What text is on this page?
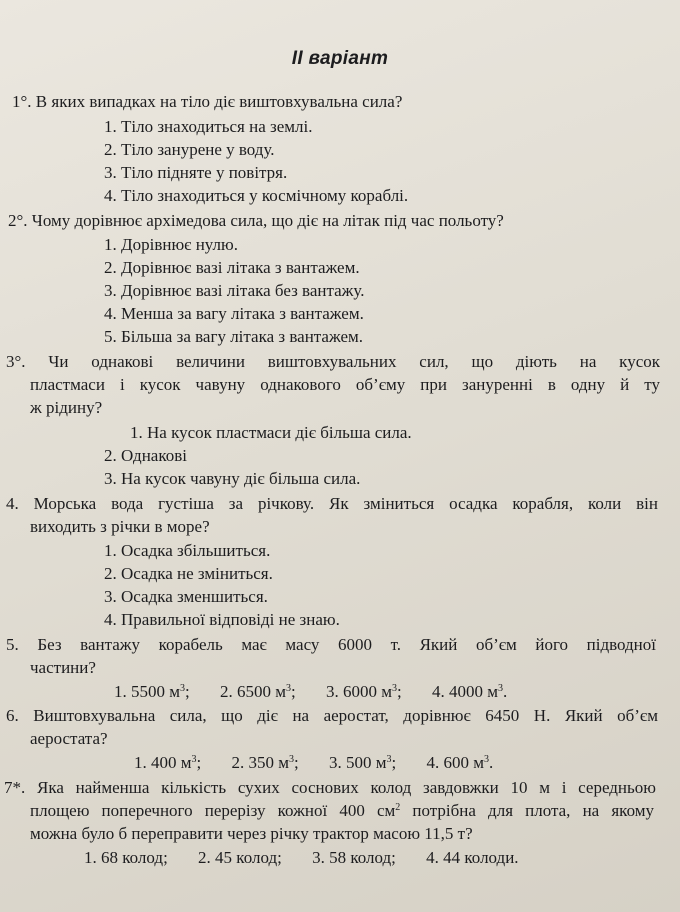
II варіант
1°. В яких випадках на тіло діє виштовхувальна сила?
1. Тіло знаходиться на землі.
2. Тіло занурене у воду.
3. Тіло підняте у повітря.
4. Тіло знаходиться у космічному кораблі.
2°. Чому дорівнює архімедова сила, що діє на літак під час польоту?
1. Дорівнює нулю.
2. Дорівнює вазі літака з вантажем.
3. Дорівнює вазі літака без вантажу.
4. Менша за вагу літака з вантажем.
5. Більша за вагу літака з вантажем.
3°. Чи однакові величини виштовхувальних сил, що діють на кусок
пластмаси і кусок чавуну однакового об’єму при зануренні в одну й ту
ж рідину?
1. На кусок пластмаси діє більша сила.
2. Однакові
3. На кусок чавуну діє більша сила.
4. Морська вода густіша за річкову. Як зміниться осадка корабля, коли він
виходить з річки в море?
1. Осадка збільшиться.
2. Осадка не зміниться.
3. Осадка зменшиться.
4. Правильної відповіді не знаю.
5. Без вантажу корабель має масу 6000 т. Який об’єм його підводної
частини?
1. 5500 $м^3$; 2. 6500 $м^3$; 3. 6000 $м^3$; 4. 4000 $м^3$.
6. Виштовхувальна сила, що діє на аеростат, дорівнює 6450 Н. Який об’єм
аеростата?
1. 400 $м^3$; 2. 350 $м^3$; 3. 500 $м^3$; 4. 600 $м^3$.
7*. Яка найменша кількість сухих соснових колод завдовжки 10 м і середньою
площею поперечного перерізу кожної 400 $см^2$ потрібна для плота, на якому
можна було б переправити через річку трактор масою 11,5 т?
1. 68 колод; 2. 45 колод; 3. 58 колод; 4. 44 колоди.
